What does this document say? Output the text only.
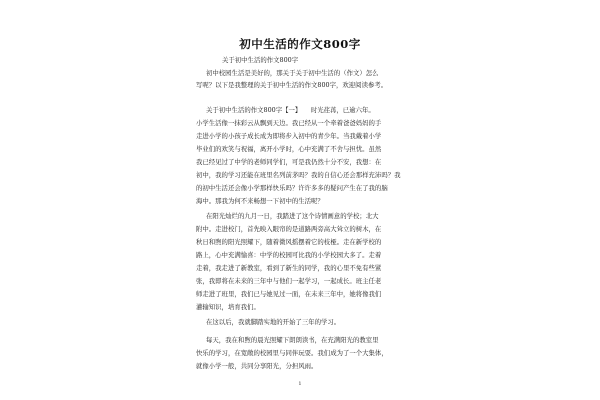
初中生活的作文800字
关于初中生活的作文800字
初中校园生活是美好的，那关于关于初中生活的（作文）怎么
写呢？以下是我整理的关于初中生活的作文800字，欢迎阅读参考。
关于初中生活的作文800字【一】　　时光荏苒，已逾六年。
小学生活像一抹彩云从飘到天边。我已经从一个牵着爸爸妈妈的手
走进小学的小孩子成长成为即将步入初中的青少年。当我戴着小学
毕业们的欢笑与祝福，离开小学时，心中充满了不舍与担忧。虽然
我已经见过了中学的老师同学们，可是我仍然十分不安，我想：在
初中，我的学习还能在班里名列前茅吗？我的自信心还会那样充沛吗？我
的初中生活还会像小学那样快乐吗？许许多多的疑问产生在了我的脑
海中。那我为何不来畅想一下初中的生活呢？
在阳光灿烂的九月一日，我踏进了这个诗情画意的学校；北大
附中。走进校门，首先映入眼帘的是道路两旁高大耸立的树木，在
秋日和煦的阳光照耀下，随着微风摇摆着它的枝桠。走在新学校的
路上，心中充满愉喜：中学的校园可比我的小学校园大多了。走着
走着，我走进了新教室，看到了新生的同学，我的心里不免有些紧
张，我即将在未来的三年中与他们一起学习，一起成长。班主任老
师走进了班里，我们已与她见过一面，在未来三年中，她将像我们
灌输知识，培育我们。
在这以后，我就脚踏实地的开始了三年的学习。
每天，我在和煦的晨光照耀下朗朗读书，在充满阳光的教室里
快乐的学习，在宽敞的校园里与同伴玩耍。我们成为了一个大集体，
就像小学一般，共同分享阳光，分担风雨。
1
